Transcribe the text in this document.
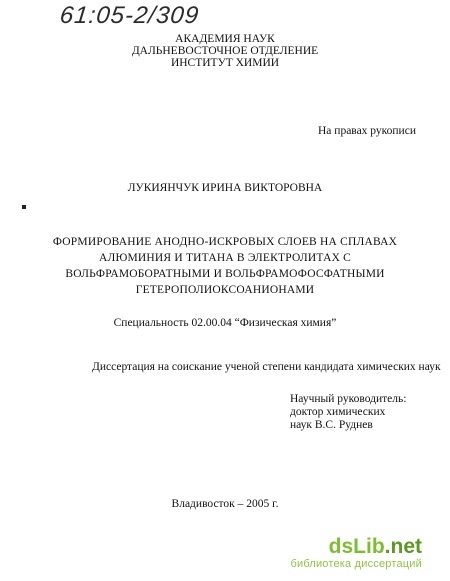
61:05-2/309
АКАДЕМИЯ НАУК
ДАЛЬНЕВОСТОЧНОЕ ОТДЕЛЕНИЕ
ИНСТИТУТ ХИМИИ
На правах рукописи
ЛУКИЯНЧУК ИРИНА ВИКТОРОВНА
ФОРМИРОВАНИЕ АНОДНО-ИСКРОВЫХ СЛОЕВ НА СПЛАВАХ
АЛЮМИНИЯ И ТИТАНА В ЭЛЕКТРОЛИТАХ С
ВОЛЬФРАМОБОРАТНЫМИ И ВОЛЬФРАМОФОСФАТНЫМИ
ГЕТЕРОПОЛИОКСОАНИОНАМИ
Специальность 02.00.04 “Физическая химия”
Диссертация на соискание ученой степени кандидата химических наук
Научный руководитель:
доктор химических
наук В.С. Руднев
Владивосток – 2005 г.
dsLib.net
библиотека диссертаций
